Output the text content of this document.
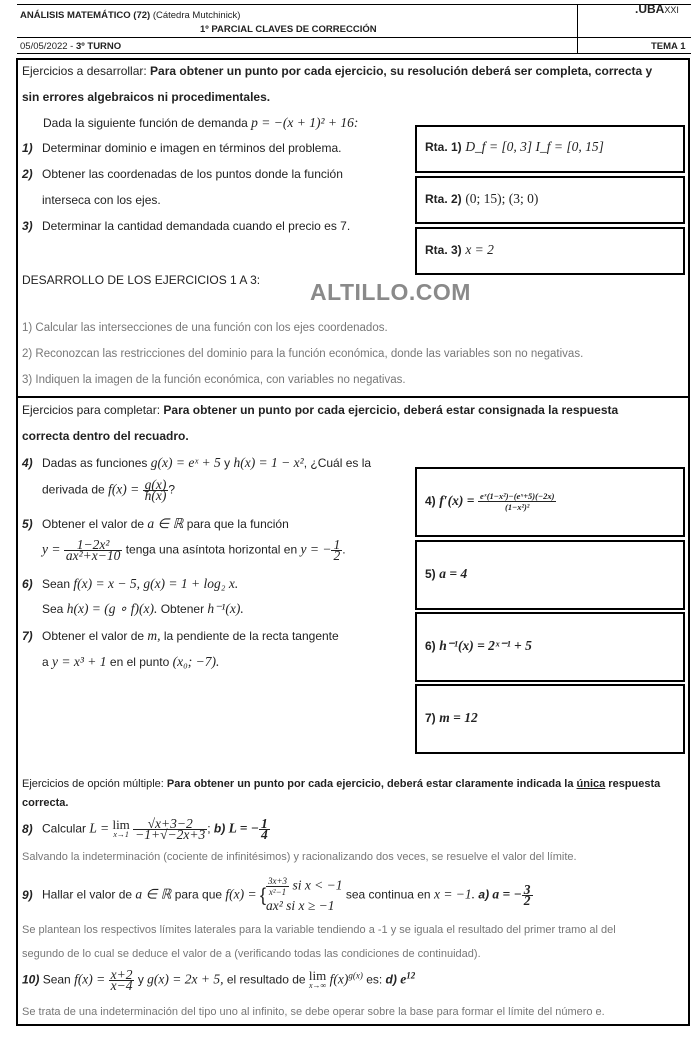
ANÁLISIS MATEMÁTICO (72) (Cátedra Mutchinick)	.UBAXXI
1º PARCIAL CLAVES DE CORRECCIÓN
05/05/2022 - 3º TURNO	TEMA 1
Ejercicios a desarrollar: Para obtener un punto por cada ejercicio, su resolución deberá ser completa, correcta y
sin errores algebraicos ni procedimentales.
Dada la siguiente función de demanda p = −(x + 1)² + 16:
1) Determinar dominio e imagen en términos del problema.
2) Obtener las coordenadas de los puntos donde la función
interseca con los ejes.
3) Determinar la cantidad demandada cuando el precio es 7.
Rta. 1) D_f = [0, 3] I_f = [0, 15]
Rta. 2) (0; 15); (3; 0)
Rta. 3) x = 2
DESARROLLO DE LOS EJERCICIOS 1 A 3: ALTILLO.COM
1) Calcular las intersecciones de una función con los ejes coordenados.
2) Reconozcan las restricciones del dominio para la función económica, donde las variables son no negativas.
3) Indiquen la imagen de la función económica, con variables no negativas.
Ejercicios para completar: Para obtener un punto por cada ejercicio, deberá estar consignada la respuesta
correcta dentro del recuadro.
4) Dadas as funciones g(x) = eˣ + 5 y h(x) = 1 − x², ¿Cuál es la
derivada de $f(x) = \frac{g(x)}{h(x)}$ ?
5) Obtener el valor de a ∈ ℝ para que la función
$y = \frac{\text{1−2x²}}{\text{ax²+x−10}}$ tenga una asíntota horizontal en y = − $\frac{1}{2}$ .
6) Sean f(x) = x − 5, g(x) = 1 + log₂ x.
Sea h(x) = (g ∘ f)(x). Obtener h⁻¹(x).
7) Obtener el valor de m, la pendiente de la recta tangente
a y = x³ + 1 en el punto (x₀; −7).
4) $f'(x) = \frac{\text{eˣ(1−x²)−(eˣ+5)(−2x)}}{\text{(1−x²)²}}$
5) a = 4
6) h⁻¹(x) = 2ˣ⁻¹ + 5
7) m = 12
Ejercicios de opción múltiple: Para obtener un punto por cada ejercicio, deberá estar claramente indicada la única respuesta
correcta.
8) Calcular L = lim
x→1
$\frac{√x+3-2}{-1+√-2x+3}$ ; b) L = − $\frac{1}{4}$
Salvando la indeterminación (cociente de infinitésimos) y racionalizando dos veces, se resuelve el valor del límite.
9) Hallar el valor de a ∈ ℝ para que f(x) = { $\frac{3x+3}{\text{x²−1}}$ si x < −1
ax² si x ≥ −1
sea continua en x = −1. a) a = − $\frac{3}{2}$
Se plantean los respectivos límites laterales para la variable tendiendo a -1 y se iguala el resultado del primer tramo al del
segundo de lo cual se deduce el valor de a (verificando todas las condiciones de continuidad).
10) Sean $f(x) = \frac{x+2}{x-4}$ y g(x) = 2x + 5, el resultado de lim
x→∞ $f(x)^{g(x)}$ es: d) $e^{12}$
Se trata de una indeterminación del tipo uno al infinito, se debe operar sobre la base para formar el límite del número e.
